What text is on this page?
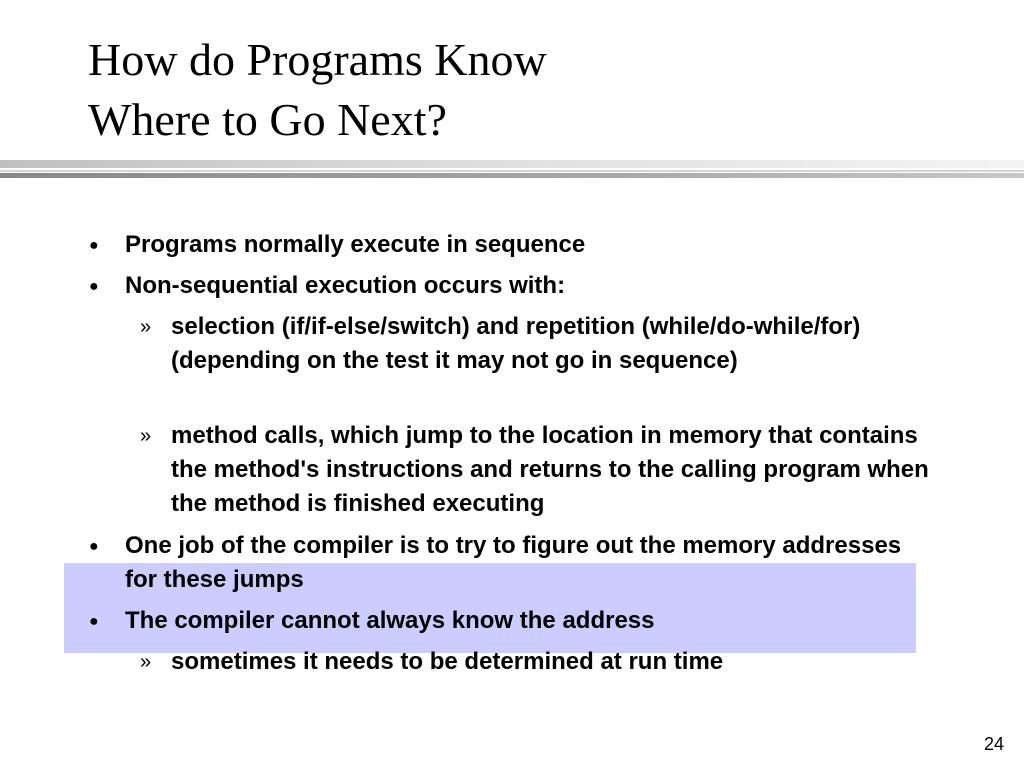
How do Programs Know
Where to Go Next?
● Programs normally execute in sequence
● Non-sequential execution occurs with:
» selection (if/if-else/switch) and repetition (while/do-while/for)
(depending on the test it may not go in sequence)
» method calls, which jump to the location in memory that contains the method's instructions and returns to the calling program when the method is finished executing
● One job of the compiler is to try to figure out the memory addresses for these jumps
● The compiler cannot always know the address
» sometimes it needs to be determined at run time
24
